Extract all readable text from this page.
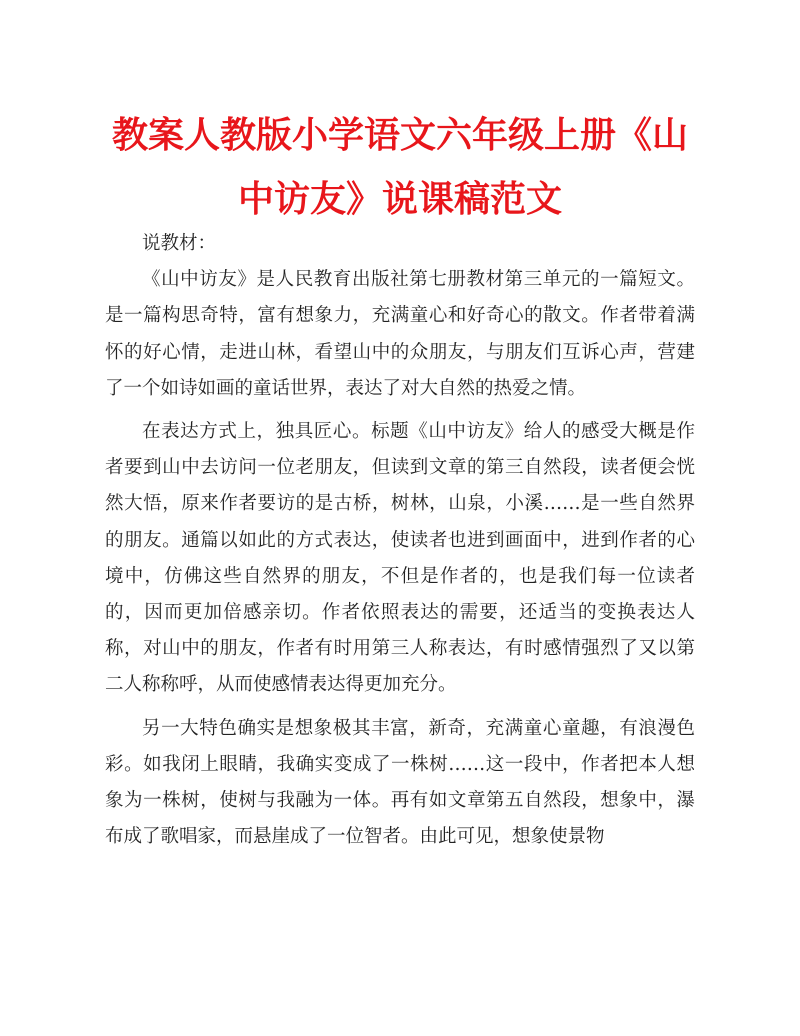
教案人教版小学语文六年级上册《山中访友》说课稿范文

说教材：

《山中访友》是人民教育出版社第七册教材第三单元的一篇短文。是一篇构思奇特，富有想象力，充满童心和好奇心的散文。作者带着满怀的好心情，走进山林，看望山中的众朋友，与朋友们互诉心声，营建了一个如诗如画的童话世界，表达了对大自然的热爱之情。

在表达方式上，独具匠心。标题《山中访友》给人的感受大概是作者要到山中去访问一位老朋友，但读到文章的第三自然段，读者便会恍然大悟，原来作者要访的是古桥，树林，山泉，小溪……是一些自然界的朋友。通篇以如此的方式表达，使读者也进到画面中，进到作者的心境中，仿佛这些自然界的朋友，不但是作者的，也是我们每一位读者的，因而更加倍感亲切。作者依照表达的需要，还适当的变换表达人称，对山中的朋友，作者有时用第三人称表达，有时感情强烈了又以第二人称称呼，从而使感情表达得更加充分。

另一大特色确实是想象极其丰富，新奇，充满童心童趣，有浪漫色彩。如我闭上眼睛，我确实变成了一株树……这一段中，作者把本人想象为一株树，使树与我融为一体。再有如文章第五自然段，想象中，瀑布成了歌唱家，而悬崖成了一位智者。由此可见，想象使景物
